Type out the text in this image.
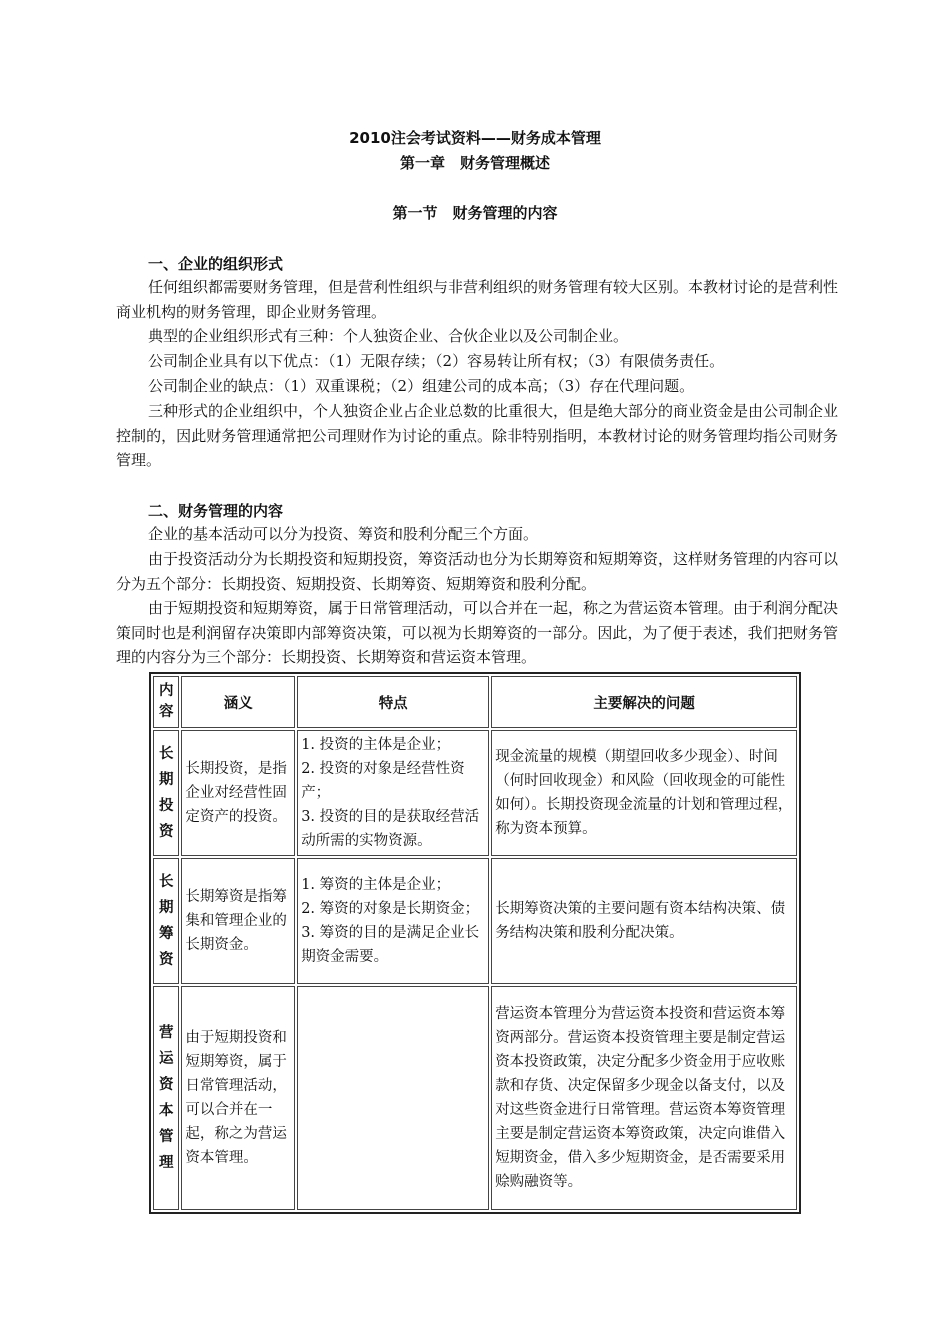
2010注会考试资料——财务成本管理
第一章　财务管理概述
第一节　财务管理的内容
一、企业的组织形式
任何组织都需要财务管理，但是营利性组织与非营利组织的财务管理有较大区别。本教材讨论的是营利性商业机构的财务管理，即企业财务管理。
典型的企业组织形式有三种：个人独资企业、合伙企业以及公司制企业。
公司制企业具有以下优点：（1）无限存续；（2）容易转让所有权；（3）有限债务责任。
公司制企业的缺点：（1）双重课税；（2）组建公司的成本高；（3）存在代理问题。
三种形式的企业组织中，个人独资企业占企业总数的比重很大，但是绝大部分的商业资金是由公司制企业控制的，因此财务管理通常把公司理财作为讨论的重点。除非特别指明，本教材讨论的财务管理均指公司财务管理。
二、财务管理的内容
企业的基本活动可以分为投资、筹资和股利分配三个方面。
由于投资活动分为长期投资和短期投资，筹资活动也分为长期筹资和短期筹资，这样财务管理的内容可以分为五个部分：长期投资、短期投资、长期筹资、短期筹资和股利分配。
由于短期投资和短期筹资，属于日常管理活动，可以合并在一起，称之为营运资本管理。由于利润分配决策同时也是利润留存决策即内部筹资决策，可以视为长期筹资的一部分。因此，为了便于表述，我们把财务管理的内容分为三个部分：长期投资、长期筹资和营运资本管理。
内容	涵义	特点	主要解决的问题
长期投资	长期投资，是指企业对经营性固定资产的投资。	1. 投资的主体是企业；
2. 投资的对象是经营性资产；
3. 投资的目的是获取经营活动所需的实物资源。	现金流量的规模（期望回收多少现金）、时间（何时回收现金）和风险（回收现金的可能性如何）。长期投资现金流量的计划和管理过程，称为资本预算。
长期筹资	长期筹资是指筹集和管理企业的长期资金。	1. 筹资的主体是企业；
2. 筹资的对象是长期资金；
3. 筹资的目的是满足企业长期资金需要。	长期筹资决策的主要问题有资本结构决策、债务结构决策和股利分配决策。
营运资本管理	由于短期投资和短期筹资，属于日常管理活动，可以合并在一起，称之为营运资本管理。		营运资本管理分为营运资本投资和营运资本筹资两部分。营运资本投资管理主要是制定营运资本投资政策，决定分配多少资金用于应收账款和存货、决定保留多少现金以备支付，以及对这些资金进行日常管理。营运资本筹资管理主要是制定营运资本筹资政策，决定向谁借入短期资金，借入多少短期资金，是否需要采用赊购融资等。
